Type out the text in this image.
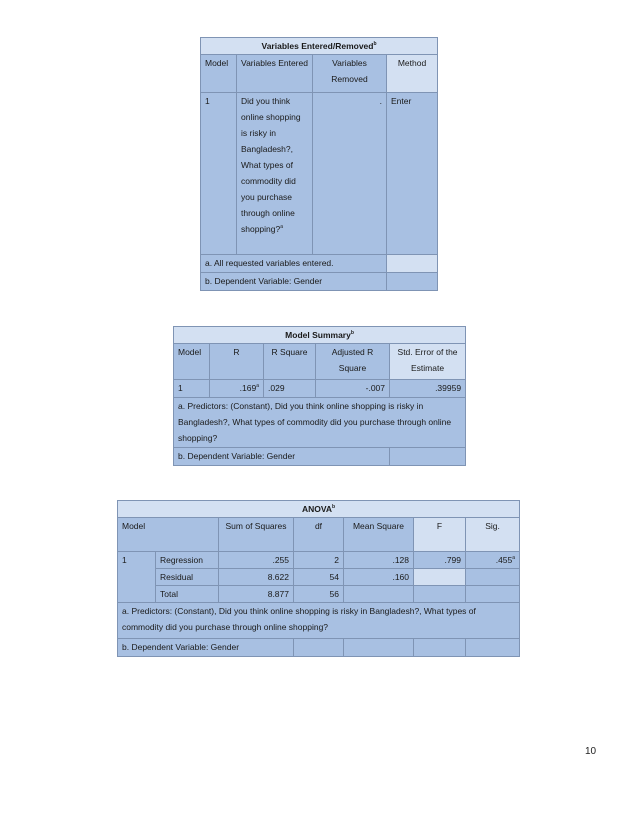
Variables Entered/Removed$^b$
Model	Variables Entered	Variables Removed	Method
1	Did you think online shopping is risky in Bangladesh?, What types of commodity did you purchase through online shopping?$^a$	.	Enter
a. All requested variables entered.			
b. Dependent Variable: Gender			
Model Summary$^b$
Model	R	R Square	Adjusted R Square	Std. Error of the Estimate
1	.169$^a$	.029	-.007	.39959
a. Predictors: (Constant), Did you think online shopping is risky in Bangladesh?, What types of commodity did you purchase through online shopping?				
b. Dependent Variable: Gender				
ANOVA$^b$
Model		Sum of Squares	df	Mean Square	F	Sig.
1	Regression	.255	2	.128	.799	.455$^a$
	Residual	8.622	54	.160		
	Total	8.877	56			
a. Predictors: (Constant), Did you think online shopping is risky in Bangladesh?, What types of commodity did you purchase through online shopping?						
b. Dependent Variable: Gender						
10
